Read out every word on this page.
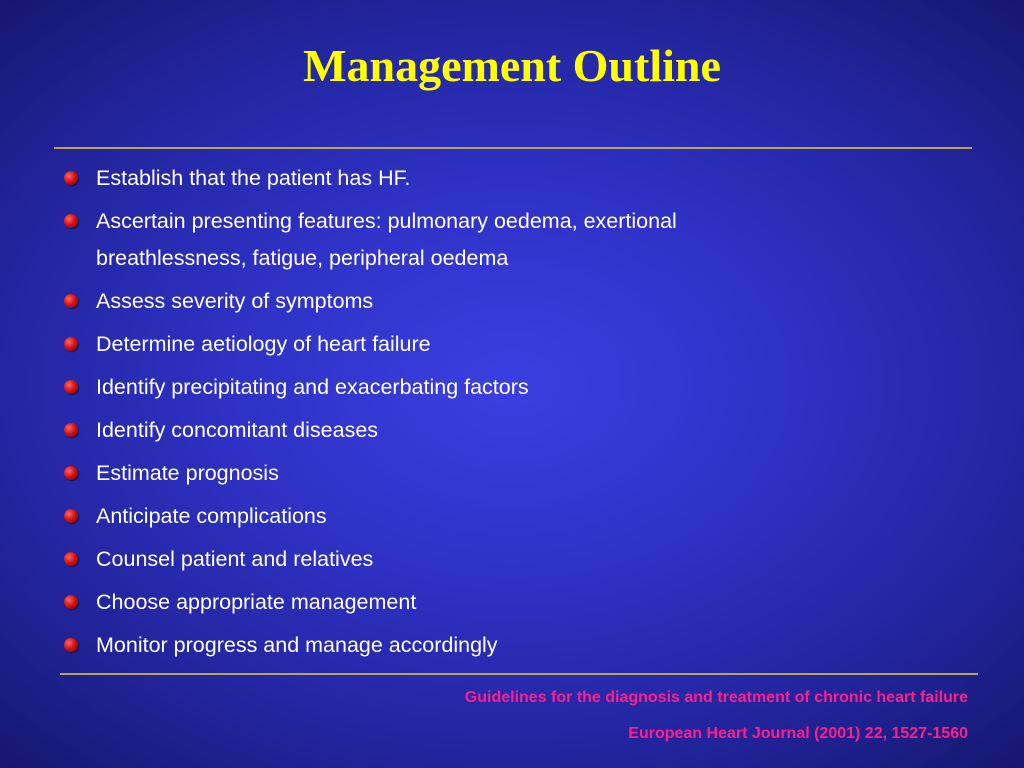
Management Outline
Establish that the patient has HF.
Ascertain presenting features: pulmonary oedema, exertional breathlessness, fatigue, peripheral oedema
Assess severity of symptoms
Determine aetiology of heart failure
Identify precipitating and exacerbating factors
Identify concomitant diseases
Estimate prognosis
Anticipate complications
Counsel patient and relatives
Choose appropriate management
Monitor progress and manage accordingly
Guidelines for the diagnosis and treatment of chronic heart failure
European Heart Journal (2001) 22, 1527-1560
